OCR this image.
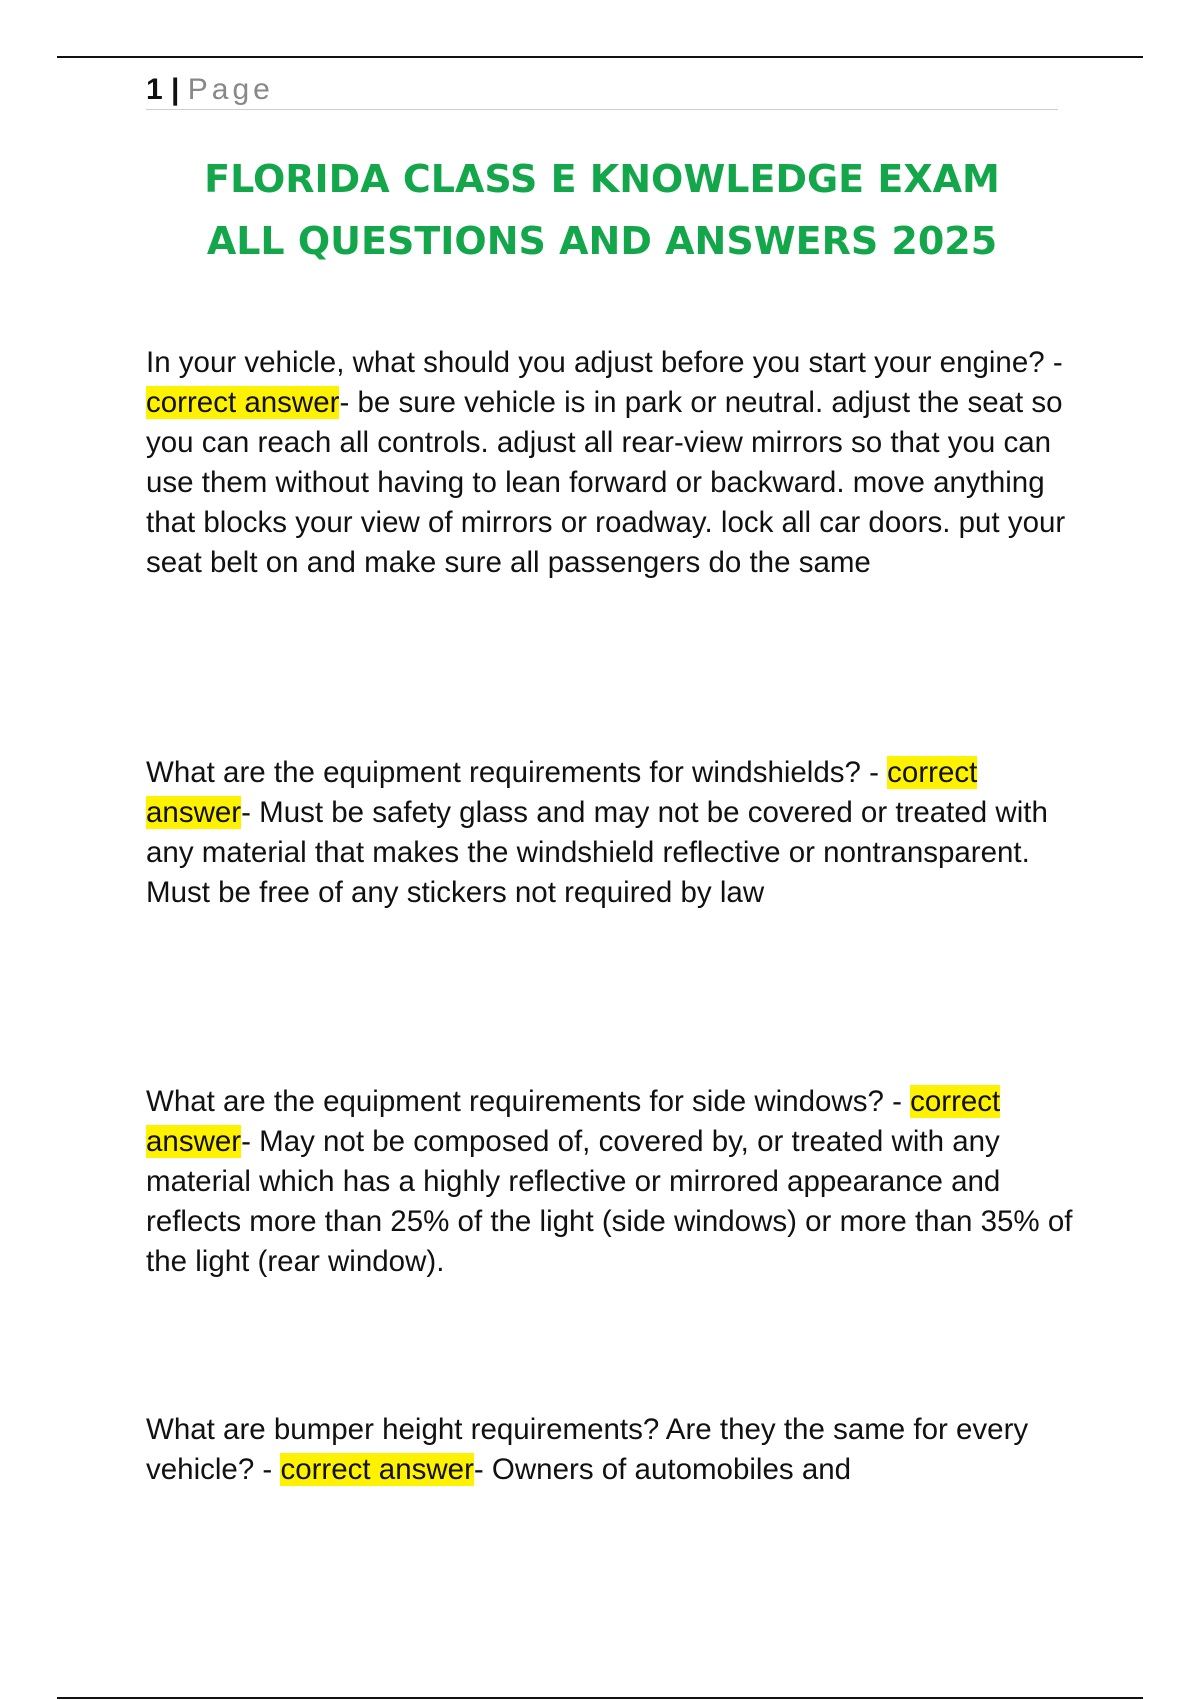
1 | Page
FLORIDA CLASS E KNOWLEDGE EXAM
ALL QUESTIONS AND ANSWERS 2025

In your vehicle, what should you adjust before you start your engine? - correct answer- be sure vehicle is in park or neutral. adjust the seat so you can reach all controls. adjust all rear-view mirrors so that you can use them without having to lean forward or backward. move anything that blocks your view of mirrors or roadway. lock all car doors. put your seat belt on and make sure all passengers do the same

What are the equipment requirements for windshields? - correct answer- Must be safety glass and may not be covered or treated with any material that makes the windshield reflective or nontransparent. Must be free of any stickers not required by law

What are the equipment requirements for side windows? - correct answer- May not be composed of, covered by, or treated with any material which has a highly reflective or mirrored appearance and reflects more than 25% of the light (side windows) or more than 35% of the light (rear window).

What are bumper height requirements? Are they the same for every vehicle? - correct answer- Owners of automobiles and
